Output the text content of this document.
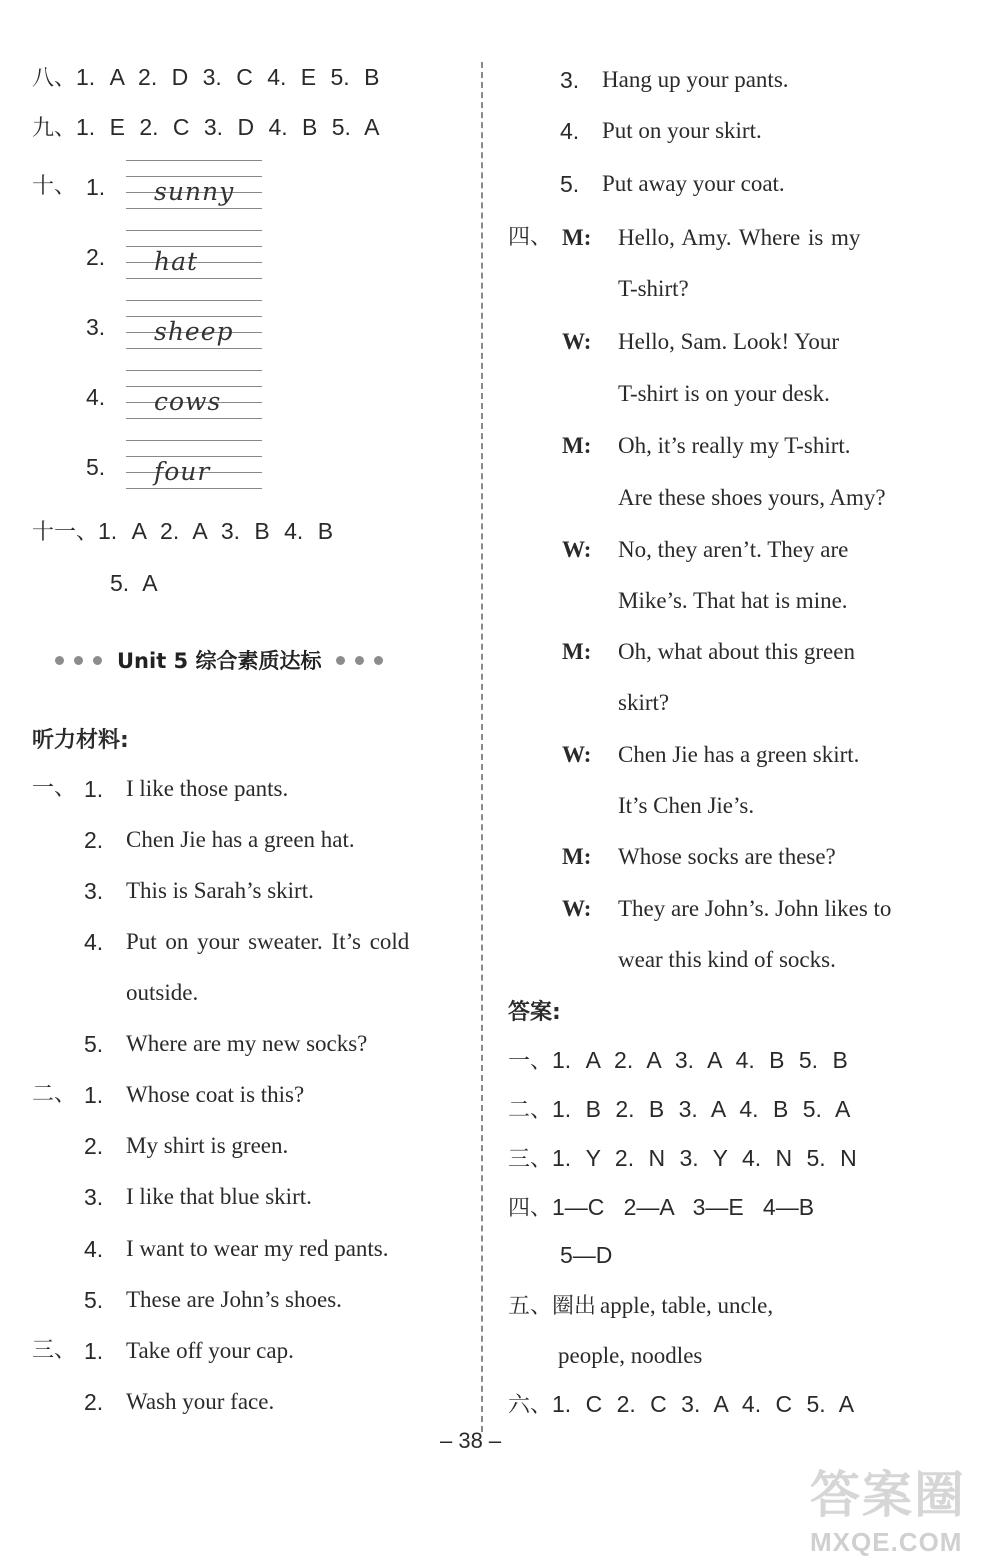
八、1. A 2. D 3. C 4. E 5. B
九、1. E 2. C 3. D 4. B 5. A
十、 1. sunny
2. hat
3. sheep
4. cows
5. four
十一、1. A 2. A 3. B 4. B
5. A
Unit 5 综合素质达标
听力材料:
一、 1. I like those pants.
2. Chen Jie has a green hat.
3. This is Sarah’s skirt.
4. Put on your sweater. It’s cold
outside.
5. Where are my new socks?
二、 1. Whose coat is this?
2. My shirt is green.
3. I like that blue skirt.
4. I want to wear my red pants.
5. These are John’s shoes.
三、 1. Take off your cap.
2. Wash your face.
3. Hang up your pants.
4. Put on your skirt.
5. Put away your coat.
四、 M: Hello, Amy. Where is my
T-shirt?
W: Hello, Sam. Look! Your
T-shirt is on your desk.
M: Oh, it’s really my T-shirt.
Are these shoes yours, Amy?
W: No, they aren’t. They are
Mike’s. That hat is mine.
M: Oh, what about this green
skirt?
W: Chen Jie has a green skirt.
It’s Chen Jie’s.
M: Whose socks are these?
W: They are John’s. John likes to
wear this kind of socks.
答案:
一、1. A 2. A 3. A 4. B 5. B
二、1. B 2. B 3. A 4. B 5. A
三、1. Y 2. N 3. Y 4. N 5. N
四、1—C   2—A   3—E   4—B
5—D
五、圈出 apple, table, uncle,
people, noodles
六、1. C 2. C 3. A 4. C 5. A
– 38 –
答案圈
MXQE.COM
